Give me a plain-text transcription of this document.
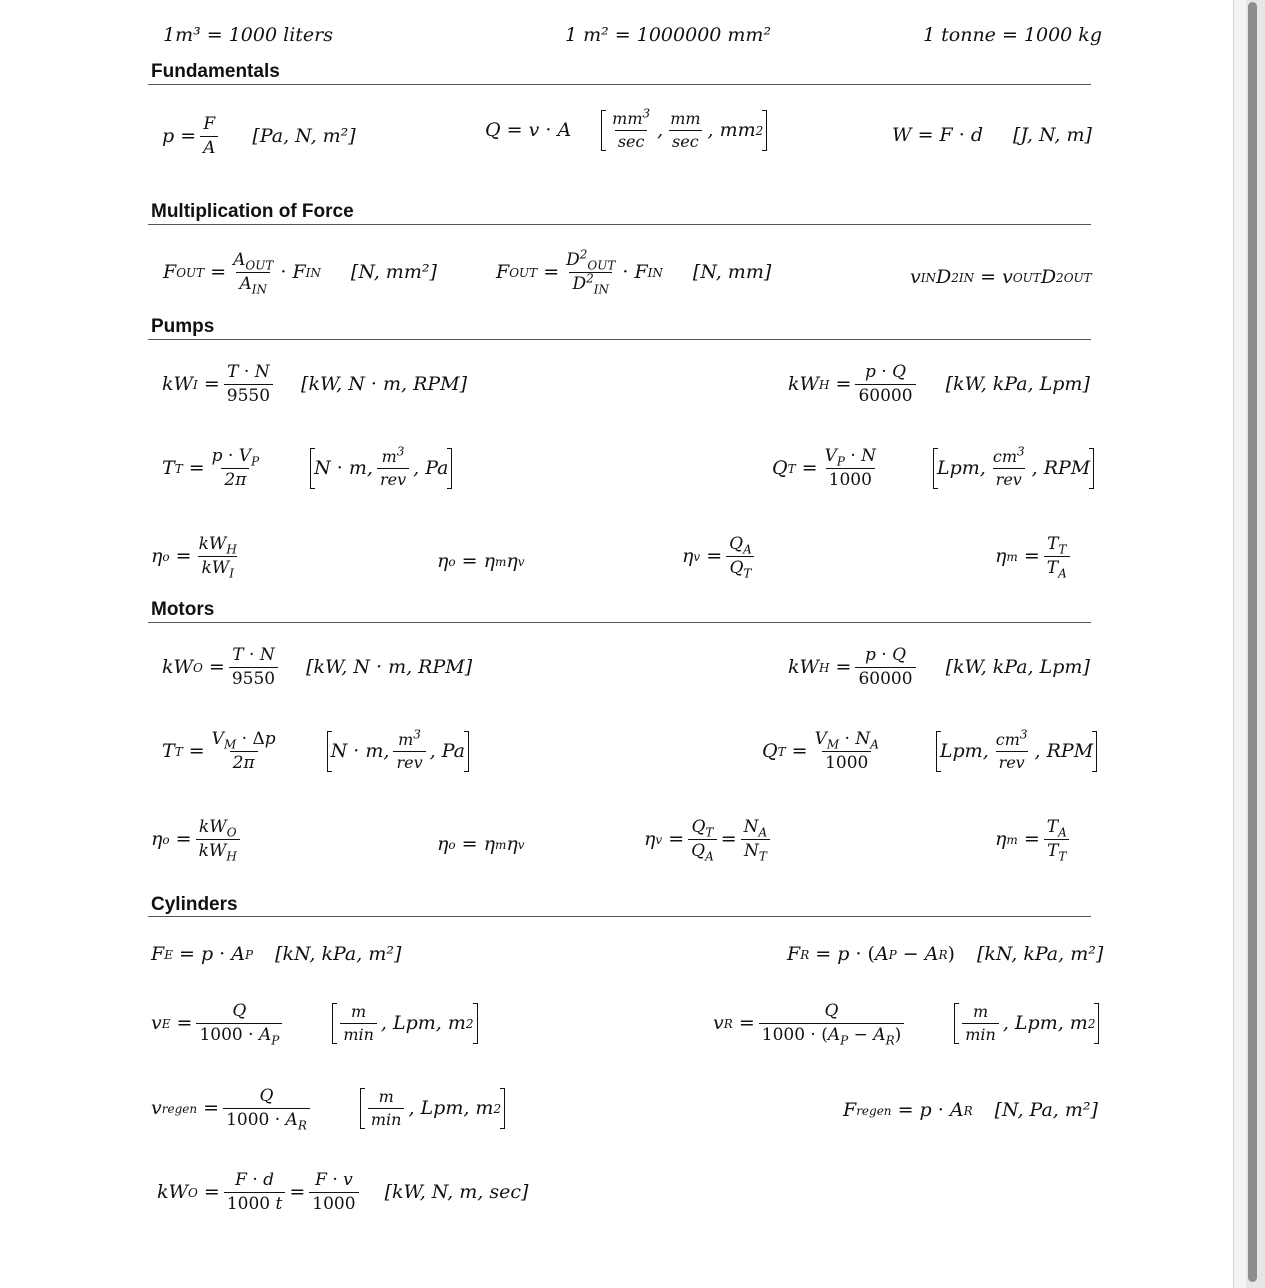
1m³ = 1000 liters	1 m² = 1000000 mm²	1 tonne = 1000 kg
Fundamentals
$p = \frac{F}{A} [Pa$, N, m²]	Q = v · A $\frac{mm^3}{\sec}$ , $\frac{mm}{\sec}$ , mm 2	W = F · d [J, N, m]
Multiplication of Force
F OUT = $\frac{A_{OUT}}{A_{IN}} \cdot F$ IN [N, mm²]	F OUT = $\frac{D^2_{OUT}}{D^2_{IN}} \cdot F$ IN [N, mm]	v IN D 2 IN = v OUT D 2 OUT
Pumps
kW $I = \frac{T \cdot N}{9550} [kW$, N · m, RPM]	kW $H = \frac{p \cdot Q}{60000} [kW$, kPa, Lpm]
T $T = \frac{p \cdot V_P}{2\pi}$	N · m, $\frac{m^3}{\text{rev}}$ , Pa	Q $T = \frac{V_P \cdot N}{1000}$	Lpm, $\frac{cm^3}{\text{rev}}$ , RPM
η $o = \frac{kW_H}{kW_I}$	η o = η m η v	η $v = \frac{Q_A}{Q_T}$	η $m = \frac{T_T}{T_A}$
Motors
kW $O = \frac{T \cdot N}{9550} [kW$, N · m, RPM]	kW $H = \frac{p \cdot Q}{60000} [kW$, kPa, Lpm]
T $T = \frac{V_M \cdot \Delta p}{2\pi}$	N · m, $\frac{m^3}{\text{rev}}$ , Pa	Q $T = \frac{V_M \cdot N_A}{1000}$	Lpm, $\frac{cm^3}{\text{rev}}$ , RPM
η $o = \frac{kW_O}{kW_H}$	η o = η m η v	η $v = \frac{Q_T}{Q_A} = \frac{N_A}{N_T}$	η $m = \frac{T_A}{T_T}$
Cylinders
F E = p · A P [kN, kPa, m²]	F R = p · ( A P − A R ) [kN, kPa, m²]
v $E = \frac{Q}{1000 \cdot A_P}$	$\frac{m}{\min}$ , Lpm, m 2	v $R = \frac{Q}{1000 \cdot (A_P - A_R)}$	$\frac{m}{\min}$ , Lpm, m 2
v regen = $\frac{Q}{1000 \cdot A_R}$	$\frac{m}{\min}$ , Lpm, m 2	F regen = p · A R [N, Pa, m²]
kW $O = \frac{F \cdot d}{1000 t} = \frac{F \cdot v}{1000} [kW$, N, m, sec]
